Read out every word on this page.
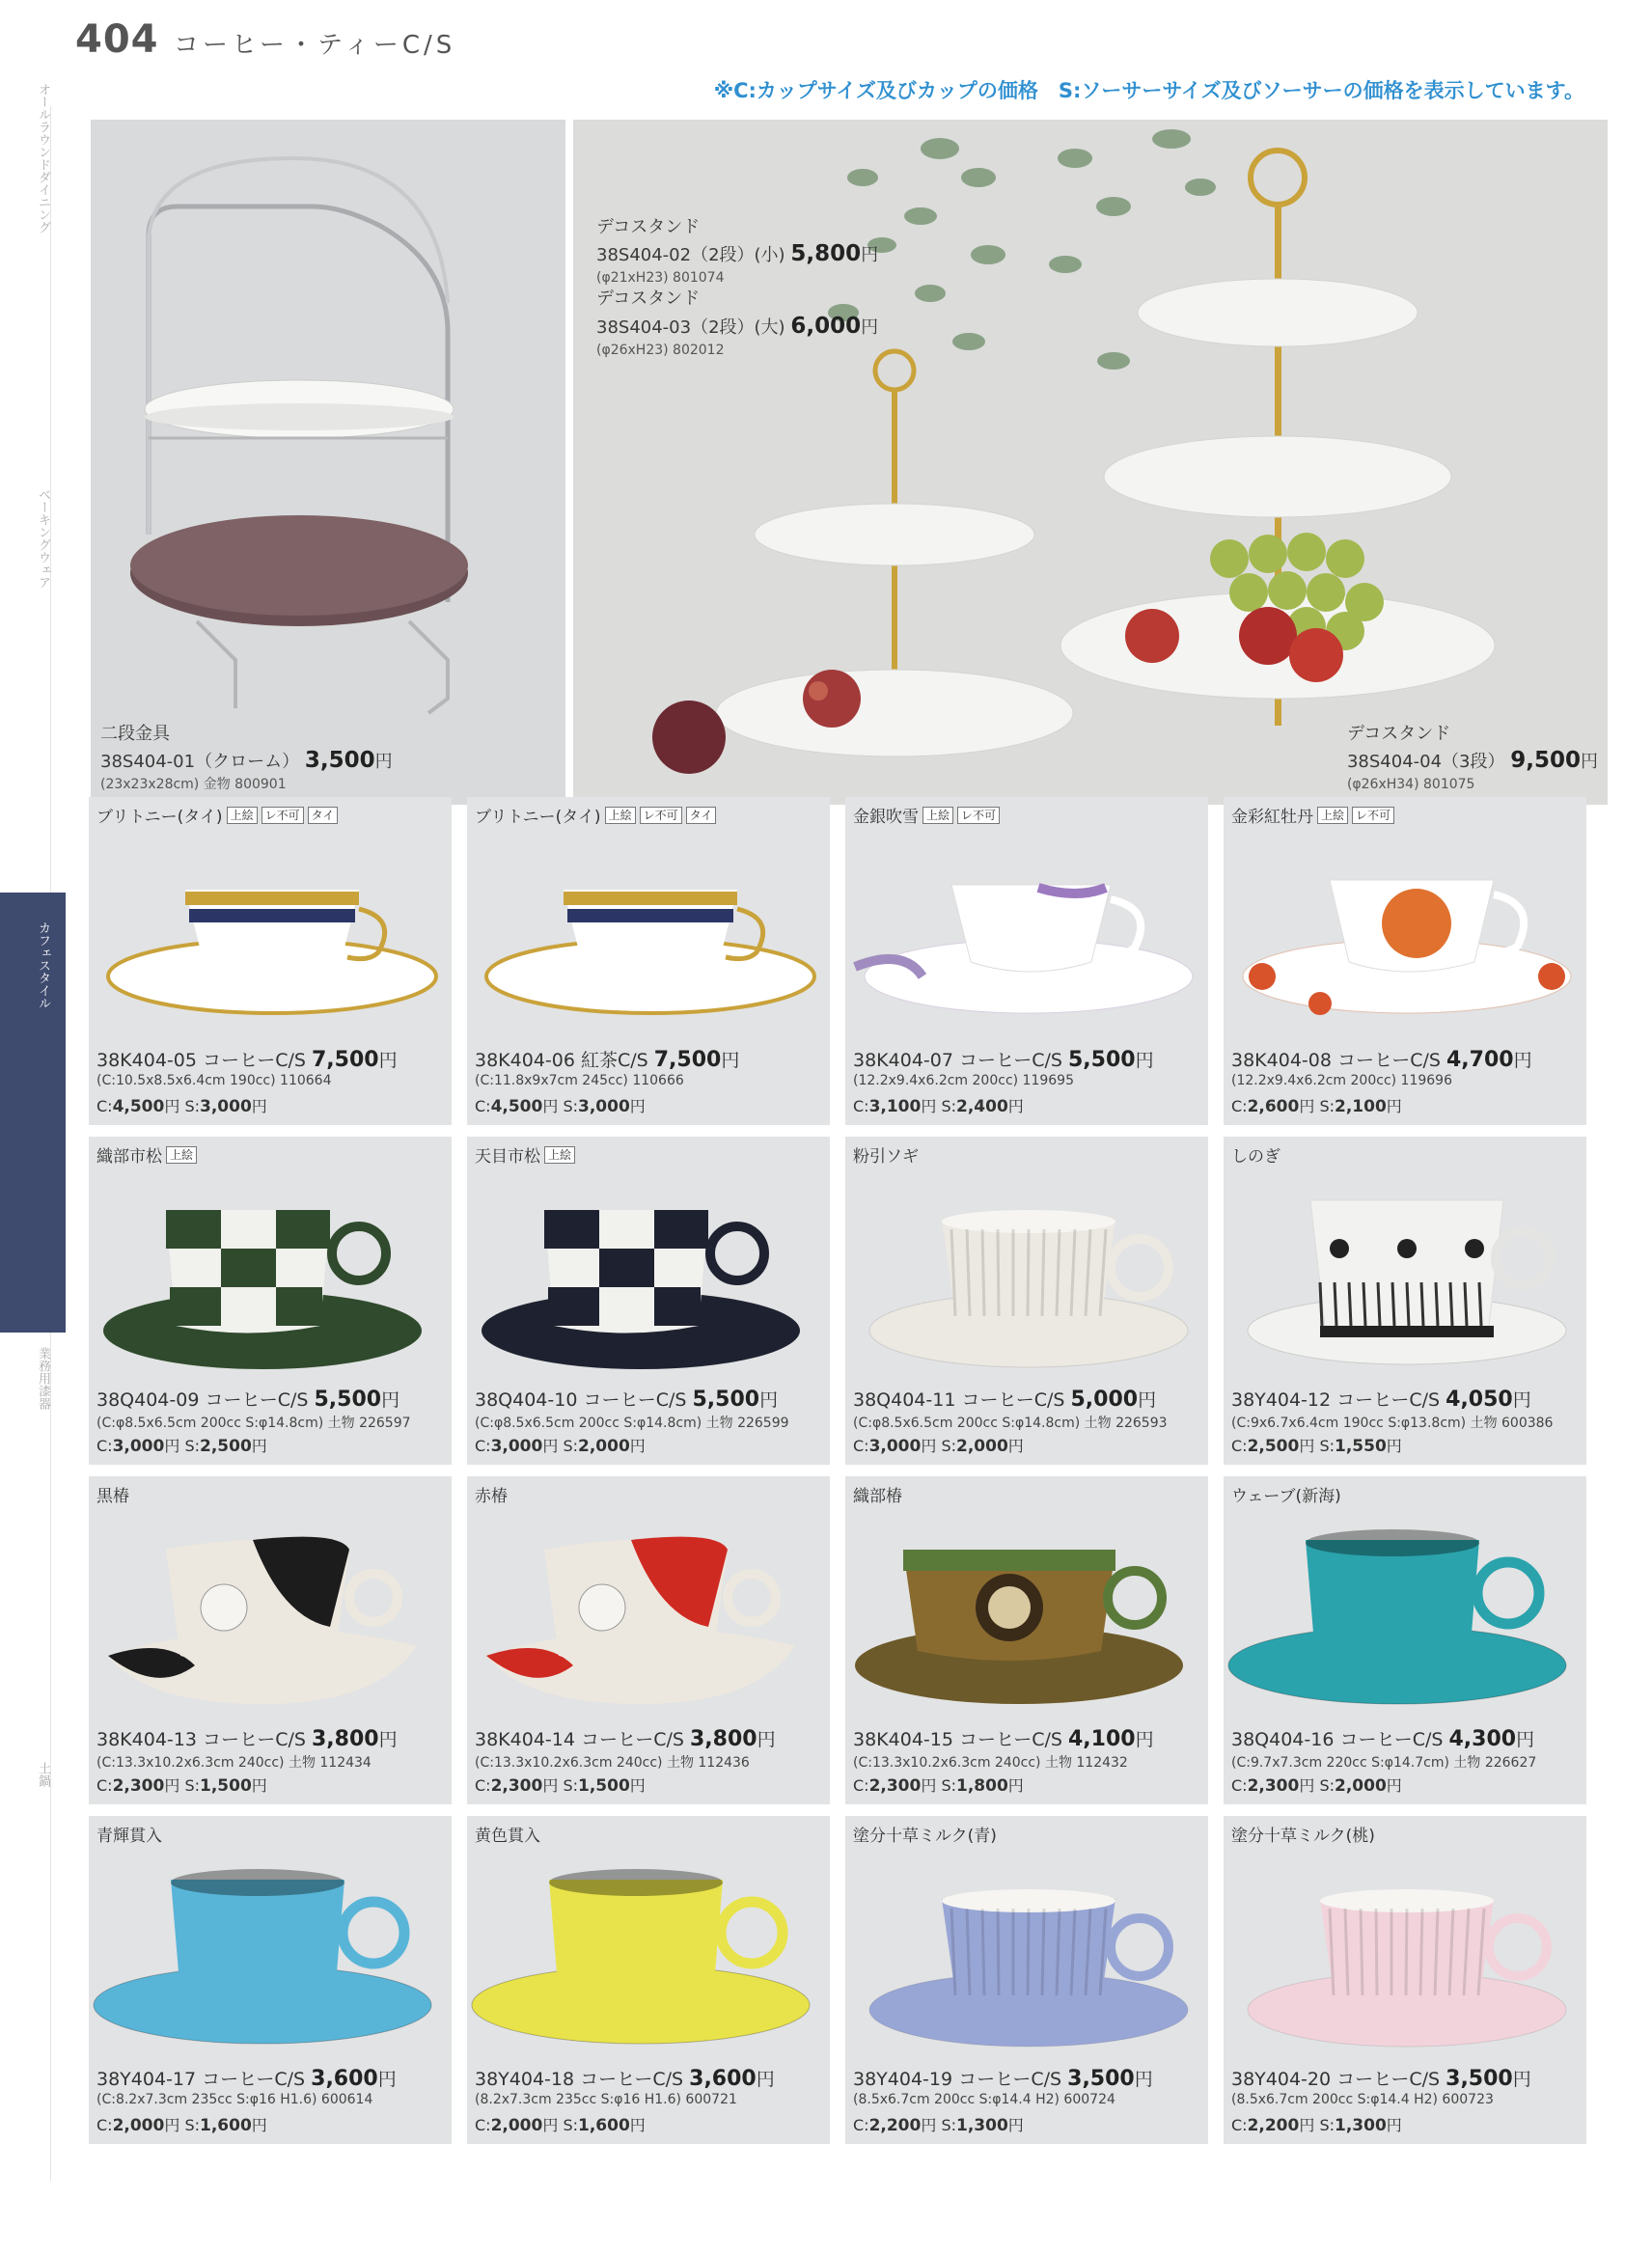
404 コーヒー・ティーC/S
※C:カップサイズ及びカップの価格　S:ソーサーサイズ及びソーサーの価格を表示しています。
オールラウンドダイニング
ベーキングウェア
カフェスタイル
業務用漆器
土鍋
二段金具
38S404-01（クローム） 3,500円
(23x23x28cm) 金物 800901
デコスタンド
38S404-02（2段）(小) 5,800円
(φ21xH23) 801074
デコスタンド
38S404-03（2段）(大) 6,000円
(φ26xH23) 802012
デコスタンド
38S404-04（3段） 9,500円
(φ26xH34) 801075
ブリトニー(タイ) 上絵	レ不可	タイ
38K404-05 コーヒーC/S 7,500円
(C:10.5x8.5x6.4cm 190cc) 110664
C:4,500円 S:3,000円
ブリトニー(タイ) 上絵	レ不可	タイ
38K404-06 紅茶C/S 7,500円
(C:11.8x9x7cm 245cc) 110666
C:4,500円 S:3,000円
金銀吹雪 上絵	レ不可
38K404-07 コーヒーC/S 5,500円
(12.2x9.4x6.2cm 200cc) 119695
C:3,100円 S:2,400円
金彩紅牡丹 上絵	レ不可
38K404-08 コーヒーC/S 4,700円
(12.2x9.4x6.2cm 200cc) 119696
C:2,600円 S:2,100円
織部市松 上絵
38Q404-09 コーヒーC/S 5,500円
(C:φ8.5x6.5cm 200cc S:φ14.8cm) 土物 226597
C:3,000円 S:2,500円
天目市松 上絵
38Q404-10 コーヒーC/S 5,500円
(C:φ8.5x6.5cm 200cc S:φ14.8cm) 土物 226599
C:3,000円 S:2,000円
粉引ソギ
38Q404-11 コーヒーC/S 5,000円
(C:φ8.5x6.5cm 200cc S:φ14.8cm) 土物 226593
C:3,000円 S:2,000円
しのぎ
38Y404-12 コーヒーC/S 4,050円
(C:9x6.7x6.4cm 190cc S:φ13.8cm) 土物 600386
C:2,500円 S:1,550円
黒椿
38K404-13 コーヒーC/S 3,800円
(C:13.3x10.2x6.3cm 240cc) 土物 112434
C:2,300円 S:1,500円
赤椿
38K404-14 コーヒーC/S 3,800円
(C:13.3x10.2x6.3cm 240cc) 土物 112436
C:2,300円 S:1,500円
織部椿
38K404-15 コーヒーC/S 4,100円
(C:13.3x10.2x6.3cm 240cc) 土物 112432
C:2,300円 S:1,800円
ウェーブ(新海)
38Q404-16 コーヒーC/S 4,300円
(C:9.7x7.3cm 220cc S:φ14.7cm) 土物 226627
C:2,300円 S:2,000円
青輝貫入
38Y404-17 コーヒーC/S 3,600円
(C:8.2x7.3cm 235cc S:φ16 H1.6) 600614
C:2,000円 S:1,600円
黄色貫入
38Y404-18 コーヒーC/S 3,600円
(8.2x7.3cm 235cc S:φ16 H1.6) 600721
C:2,000円 S:1,600円
塗分十草ミルク(青)
38Y404-19 コーヒーC/S 3,500円
(8.5x6.7cm 200cc S:φ14.4 H2) 600724
C:2,200円 S:1,300円
塗分十草ミルク(桃)
38Y404-20 コーヒーC/S 3,500円
(8.5x6.7cm 200cc S:φ14.4 H2) 600723
C:2,200円 S:1,300円
